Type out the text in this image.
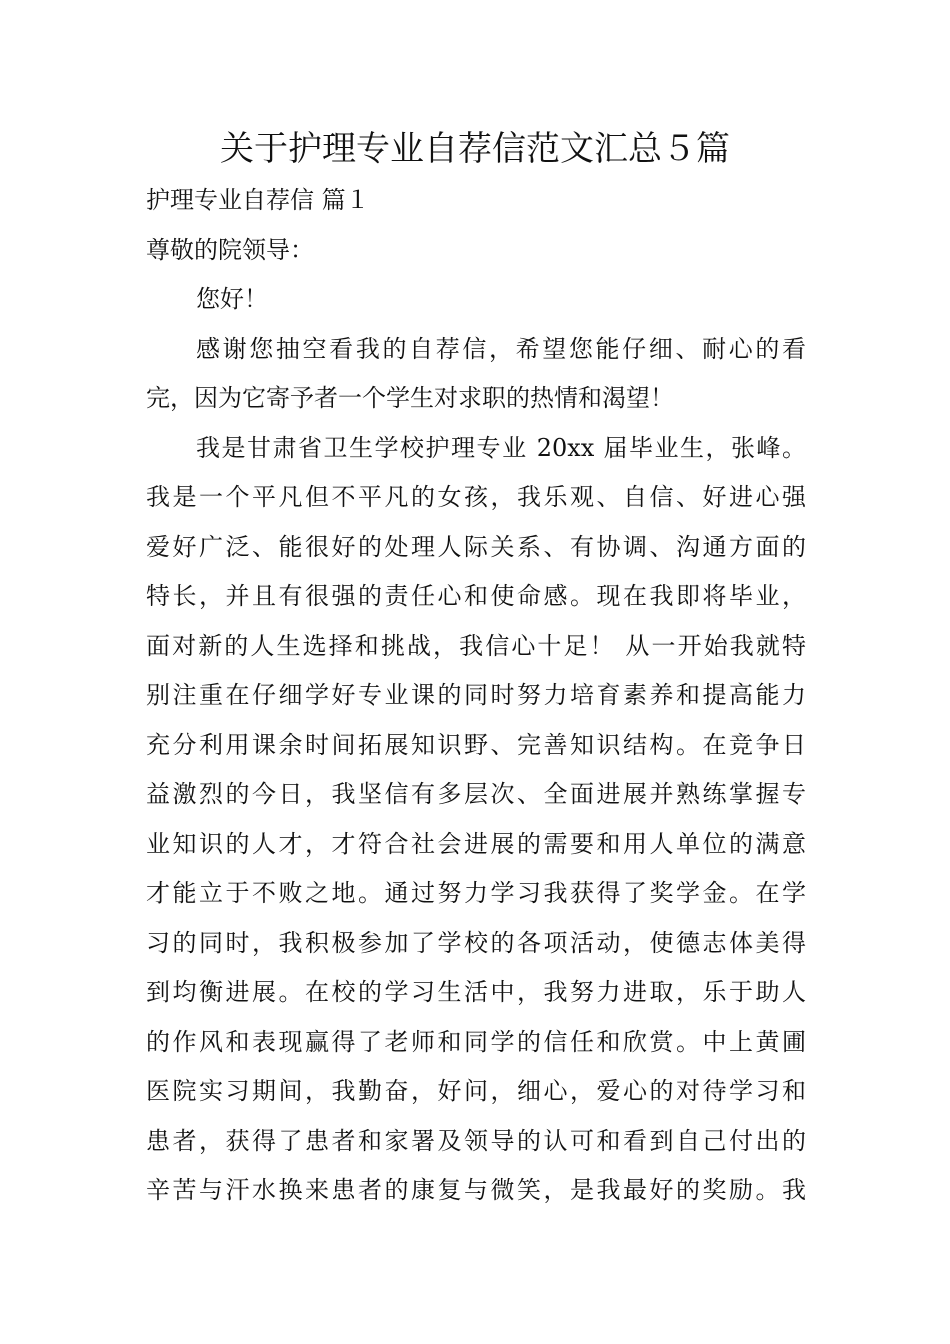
关于护理专业自荐信范文汇总５篇

护理专业自荐信 篇１

尊敬的院领导：

您好！

感谢您抽空看我的自荐信，希望您能仔细、耐心的看

完，因为它寄予者一个学生对求职的热情和渴望！

我是甘肃省卫生学校护理专业 20xx 届毕业生，张峰。

我是一个平凡但不平凡的女孩，我乐观、自信、好进心强

爱好广泛、能很好的处理人际关系、有协调、沟通方面的

特长，并且有很强的责任心和使命感。现在我即将毕业，

面对新的人生选择和挑战，我信心十足！ 从一开始我就特

别注重在仔细学好专业课的同时努力培育素养和提高能力

充分利用课余时间拓展知识野、完善知识结构。在竞争日

益激烈的今日，我坚信有多层次、全面进展并熟练掌握专

业知识的人才，才符合社会进展的需要和用人单位的满意

才能立于不败之地。通过努力学习我获得了奖学金。在学

习的同时，我积极参加了学校的各项活动，使德志体美得

到均衡进展。在校的学习生活中，我努力进取，乐于助人

的作风和表现赢得了老师和同学的信任和欣赏。中上黄圃

医院实习期间，我勤奋，好问，细心，爱心的对待学习和

患者，获得了患者和家署及领导的认可和看到自己付出的

辛苦与汗水换来患者的康复与微笑，是我最好的奖励。我
